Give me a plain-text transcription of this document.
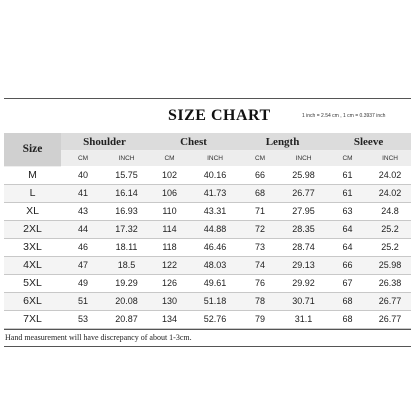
SIZE CHART	1 inch = 2.54 cm , 1 cm = 0.3937 inch
Size	Shoulder		Chest		Length		Sleeve	
	CM	INCH	CM	INCH	CM	INCH	CM	INCH
M	40	15.75	102	40.16	66	25.98	61	24.02
L	41	16.14	106	41.73	68	26.77	61	24.02
XL	43	16.93	110	43.31	71	27.95	63	24.8
2XL	44	17.32	114	44.88	72	28.35	64	25.2
3XL	46	18.11	118	46.46	73	28.74	64	25.2
4XL	47	18.5	122	48.03	74	29.13	66	25.98
5XL	49	19.29	126	49.61	76	29.92	67	26.38
6XL	51	20.08	130	51.18	78	30.71	68	26.77
7XL	53	20.87	134	52.76	79	31.1	68	26.77
Hand measurement will have discrepancy of about 1-3cm.
